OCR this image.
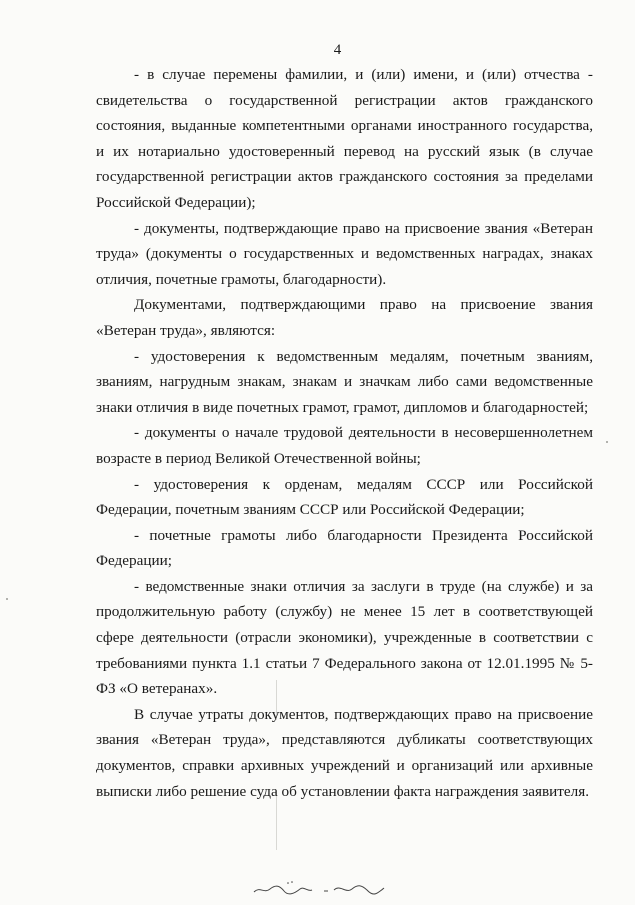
4

- в случае перемены фамилии, и (или) имени, и (или) отчества - свидетельства о государственной регистрации актов гражданского состояния, выданные компетентными органами иностранного государства, и их нотариально удостоверенный перевод на русский язык (в случае государственной регистрации актов гражданского состояния за пределами Российской Федерации);

- документы, подтверждающие право на присвоение звания «Ветеран труда» (документы о государственных и ведомственных наградах, знаках отличия, почетные грамоты, благодарности).

Документами, подтверждающими право на присвоение звания «Ветеран труда», являются:

- удостоверения к ведомственным медалям, почетным званиям, званиям, нагрудным знакам, знакам и значкам либо сами ведомственные знаки отличия в виде почетных грамот, грамот, дипломов и благодарностей;

- документы о начале трудовой деятельности в несовершеннолетнем возрасте в период Великой Отечественной войны;

- удостоверения к орденам, медалям СССР или Российской Федерации, почетным званиям СССР или Российской Федерации;

- почетные грамоты либо благодарности Президента Российской Федерации;

- ведомственные знаки отличия за заслуги в труде (на службе) и за продолжительную работу (службу) не менее 15 лет в соответствующей сфере деятельности (отрасли экономики), учрежденные в соответствии с требованиями пункта 1.1 статьи 7 Федерального закона от 12.01.1995 № 5-ФЗ «О ветеранах».

В случае утраты документов, подтверждающих право на присвоение звания «Ветеран труда», представляются дубликаты соответствующих документов, справки архивных учреждений и организаций или архивные выписки либо решение суда об установлении факта награждения заявителя.
